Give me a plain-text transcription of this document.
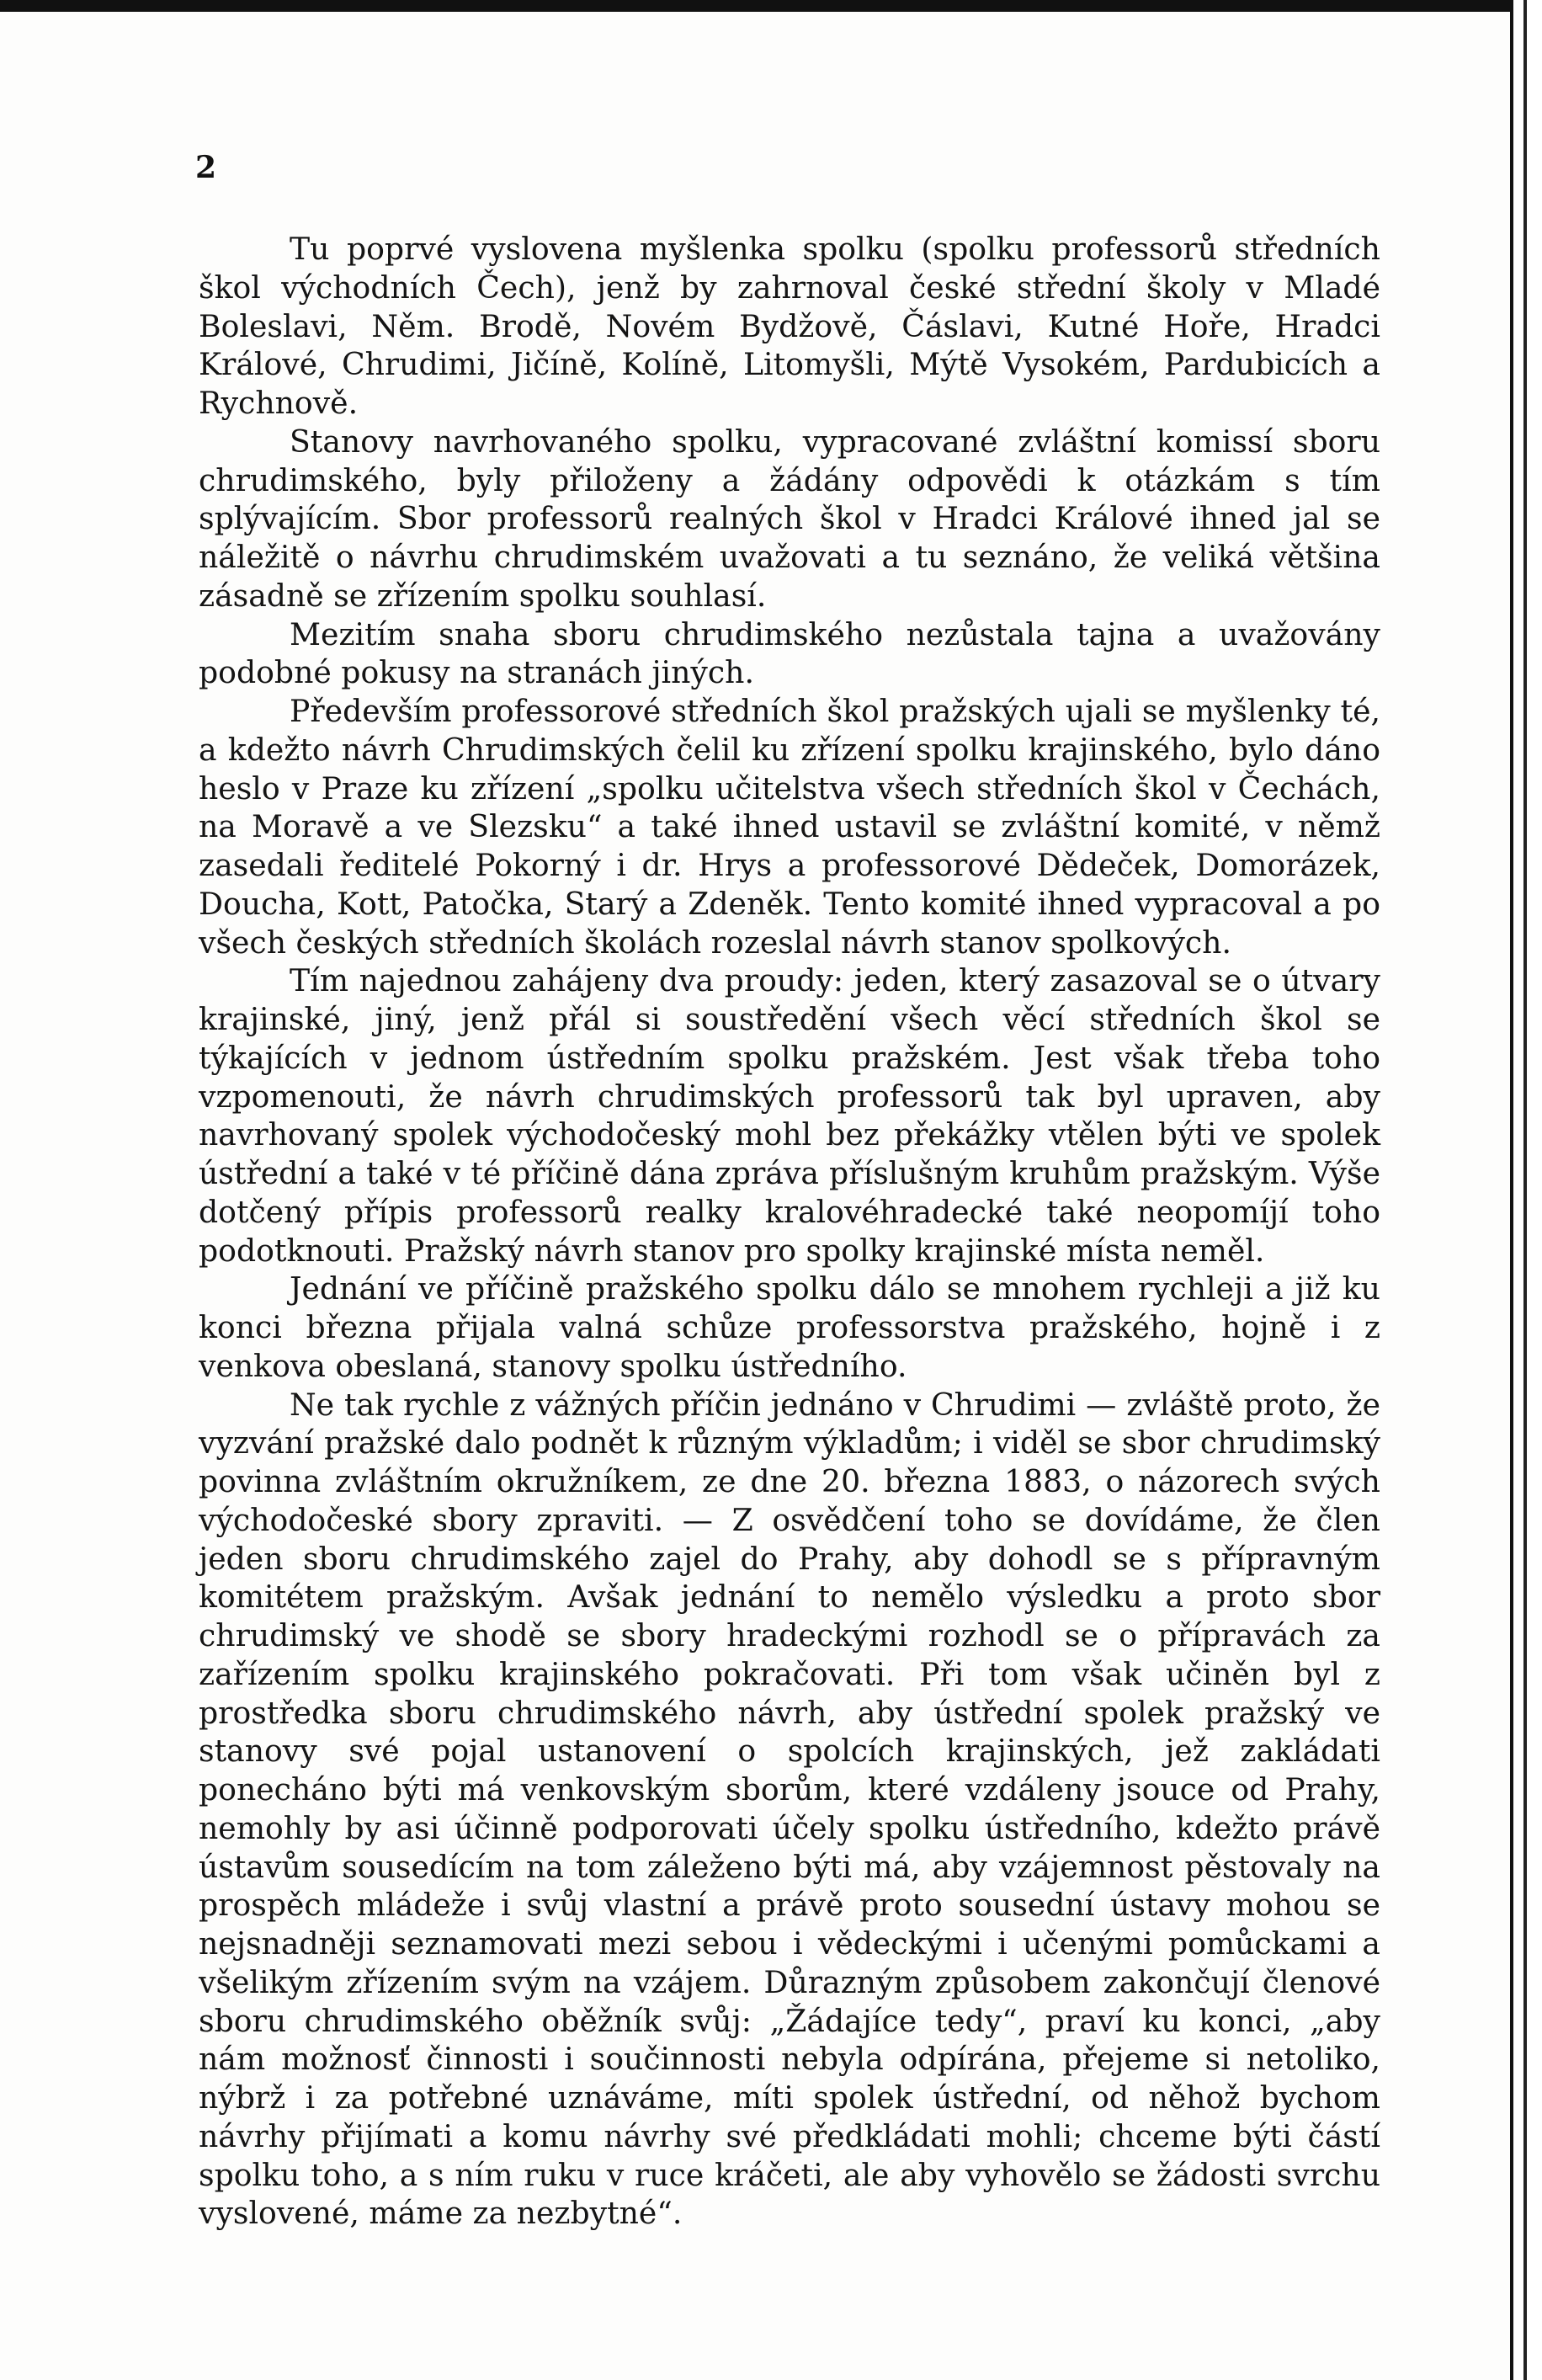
2

Tu poprvé vyslovena myšlenka spolku (spolku professorů středních škol východních Čech), jenž by zahrnoval české střední školy v Mladé Boleslavi, Něm. Brodě, Novém Bydžově, Čáslavi, Kutné Hoře, Hradci Králové, Chrudimi, Jičíně, Kolíně, Litomyšli, Mýtě Vysokém, Pardubicích a Rychnově.

Stanovy navrhovaného spolku, vypracované zvláštní komissí sboru chrudimského, byly přiloženy a žádány odpovědi k otázkám s tím splývajícím. Sbor professorů realných škol v Hradci Králové ihned jal se náležitě o návrhu chrudimském uvažovati a tu seznáno, že veliká většina zásadně se zřízením spolku souhlasí.

Mezitím snaha sboru chrudimského nezůstala tajna a uvažovány podobné pokusy na stranách jiných.

Především professorové středních škol pražských ujali se myšlenky té, a kdežto návrh Chrudimských čelil ku zřízení spolku krajinského, bylo dáno heslo v Praze ku zřízení „spolku učitelstva všech středních škol v Čechách, na Moravě a ve Slezsku“ a také ihned ustavil se zvláštní komité, v němž zasedali ředitelé Pokorný i dr. Hrys a professorové Dědeček, Domorázek, Doucha, Kott, Patočka, Starý a Zdeněk. Tento komité ihned vypracoval a po všech českých středních školách rozeslal návrh stanov spolkových.

Tím najednou zahájeny dva proudy: jeden, který zasazoval se o útvary krajinské, jiný, jenž přál si soustředění všech věcí středních škol se týkajících v jednom ústředním spolku pražském. Jest však třeba toho vzpomenouti, že návrh chrudimských professorů tak byl upraven, aby navrhovaný spolek východočeský mohl bez překážky vtělen býti ve spolek ústřední a také v té příčině dána zpráva příslušným kruhům pražským. Výše dotčený přípis professorů realky kralovéhradecké také neopomíjí toho podotknouti. Pražský návrh stanov pro spolky krajinské místa neměl.

Jednání ve příčině pražského spolku dálo se mnohem rychleji a již ku konci března přijala valná schůze professorstva pražského, hojně i z venkova obeslaná, stanovy spolku ústředního.

Ne tak rychle z vážných příčin jednáno v Chrudimi — zvláště proto, že vyzvání pražské dalo podnět k různým výkladům; i viděl se sbor chrudimský povinna zvláštním okružníkem, ze dne 20. března 1883, o názorech svých východočeské sbory zpraviti. — Z osvědčení toho se dovídáme, že člen jeden sboru chrudimského zajel do Prahy, aby dohodl se s přípravným komitétem pražským. Avšak jednání to nemělo výsledku a proto sbor chrudimský ve shodě se sbory hradeckými rozhodl se o přípravách za zařízením spolku krajinského pokračovati. Při tom však učiněn byl z prostředka sboru chrudimského návrh, aby ústřední spolek pražský ve stanovy své pojal ustanovení o spolcích krajinských, jež zakládati ponecháno býti má venkovským sborům, které vzdáleny jsouce od Prahy, nemohly by asi účinně podporovati účely spolku ústředního, kdežto právě ústavům sousedícím na tom záleženo býti má, aby vzájemnost pěstovaly na prospěch mládeže i svůj vlastní a právě proto sousední ústavy mohou se nejsnadněji seznamovati mezi sebou i vědeckými i učenými pomůckami a všelikým zřízením svým na vzájem. Důrazným způsobem zakončují členové sboru chrudimského oběžník svůj: „Žádajíce tedy“, praví ku konci, „aby nám možnosť činnosti i součinnosti nebyla odpírána, přejeme si netoliko, nýbrž i za potřebné uznáváme, míti spolek ústřední, od něhož bychom návrhy přijímati a komu návrhy své předkládati mohli; chceme býti částí spolku toho, a s ním ruku v ruce kráčeti, ale aby vyhovělo se žádosti svrchu vyslovené, máme za nezbytné“.
